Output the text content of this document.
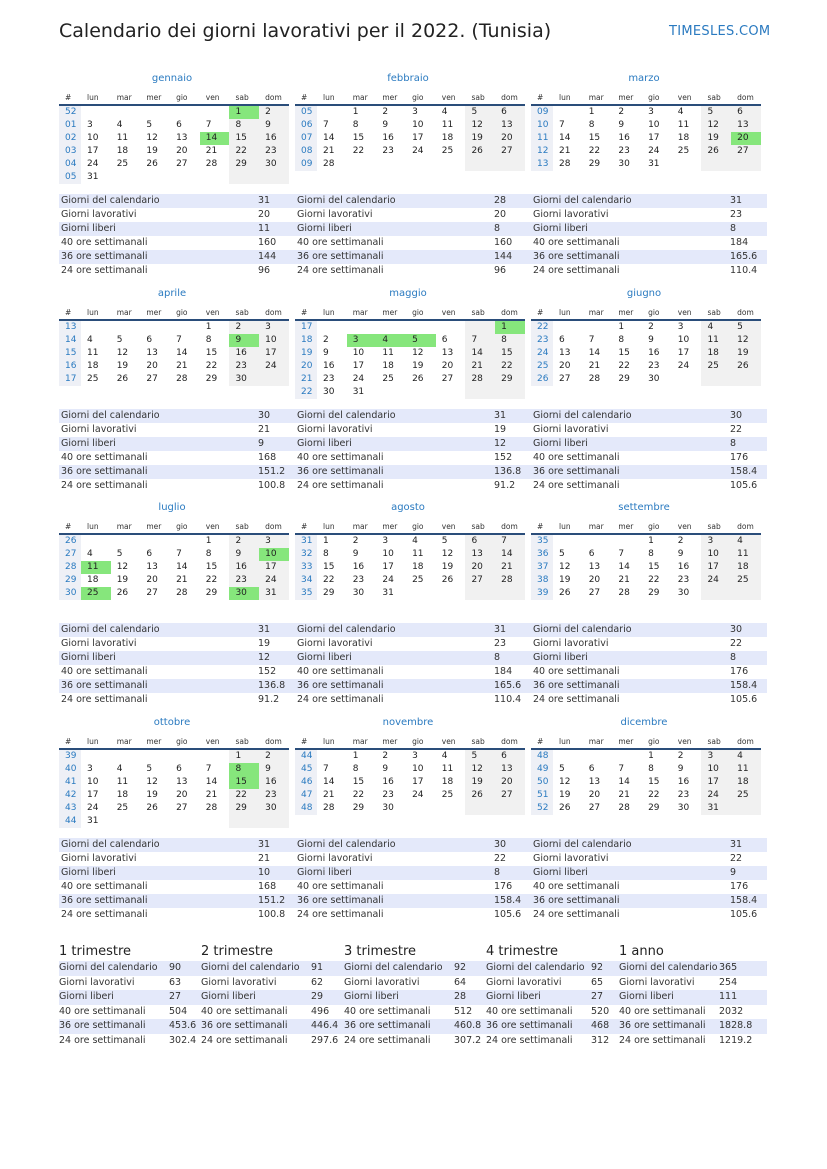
Calendario dei giorni lavorativi per il 2022. (Tunisia)	TIMESLES.COM
gennaio
#	lun	mar	mer	gio	ven	sab	dom
52						1	2
01	3	4	5	6	7	8	9
02	10	11	12	13	14	15	16
03	17	18	19	20	21	22	23
04	24	25	26	27	28	29	30
05	31						
Giorni del calendario	31
Giorni lavorativi	20
Giorni liberi	11
40 ore settimanali	160
36 ore settimanali	144
24 ore settimanali	96
febbraio
#	lun	mar	mer	gio	ven	sab	dom
05		1	2	3	4	5	6
06	7	8	9	10	11	12	13
07	14	15	16	17	18	19	20
08	21	22	23	24	25	26	27
09	28						
Giorni del calendario	28
Giorni lavorativi	20
Giorni liberi	8
40 ore settimanali	160
36 ore settimanali	144
24 ore settimanali	96
marzo
#	lun	mar	mer	gio	ven	sab	dom
09		1	2	3	4	5	6
10	7	8	9	10	11	12	13
11	14	15	16	17	18	19	20
12	21	22	23	24	25	26	27
13	28	29	30	31			
Giorni del calendario	31
Giorni lavorativi	23
Giorni liberi	8
40 ore settimanali	184
36 ore settimanali	165.6
24 ore settimanali	110.4
aprile
#	lun	mar	mer	gio	ven	sab	dom
13					1	2	3
14	4	5	6	7	8	9	10
15	11	12	13	14	15	16	17
16	18	19	20	21	22	23	24
17	25	26	27	28	29	30	
Giorni del calendario	30
Giorni lavorativi	21
Giorni liberi	9
40 ore settimanali	168
36 ore settimanali	151.2
24 ore settimanali	100.8
maggio
#	lun	mar	mer	gio	ven	sab	dom
17							1
18	2	3	4	5	6	7	8
19	9	10	11	12	13	14	15
20	16	17	18	19	20	21	22
21	23	24	25	26	27	28	29
22	30	31					
Giorni del calendario	31
Giorni lavorativi	19
Giorni liberi	12
40 ore settimanali	152
36 ore settimanali	136.8
24 ore settimanali	91.2
giugno
#	lun	mar	mer	gio	ven	sab	dom
22			1	2	3	4	5
23	6	7	8	9	10	11	12
24	13	14	15	16	17	18	19
25	20	21	22	23	24	25	26
26	27	28	29	30			
Giorni del calendario	30
Giorni lavorativi	22
Giorni liberi	8
40 ore settimanali	176
36 ore settimanali	158.4
24 ore settimanali	105.6
luglio
#	lun	mar	mer	gio	ven	sab	dom
26					1	2	3
27	4	5	6	7	8	9	10
28	11	12	13	14	15	16	17
29	18	19	20	21	22	23	24
30	25	26	27	28	29	30	31
Giorni del calendario	31
Giorni lavorativi	19
Giorni liberi	12
40 ore settimanali	152
36 ore settimanali	136.8
24 ore settimanali	91.2
agosto
#	lun	mar	mer	gio	ven	sab	dom
31	1	2	3	4	5	6	7
32	8	9	10	11	12	13	14
33	15	16	17	18	19	20	21
34	22	23	24	25	26	27	28
35	29	30	31				
Giorni del calendario	31
Giorni lavorativi	23
Giorni liberi	8
40 ore settimanali	184
36 ore settimanali	165.6
24 ore settimanali	110.4
settembre
#	lun	mar	mer	gio	ven	sab	dom
35				1	2	3	4
36	5	6	7	8	9	10	11
37	12	13	14	15	16	17	18
38	19	20	21	22	23	24	25
39	26	27	28	29	30		
Giorni del calendario	30
Giorni lavorativi	22
Giorni liberi	8
40 ore settimanali	176
36 ore settimanali	158.4
24 ore settimanali	105.6
ottobre
#	lun	mar	mer	gio	ven	sab	dom
39						1	2
40	3	4	5	6	7	8	9
41	10	11	12	13	14	15	16
42	17	18	19	20	21	22	23
43	24	25	26	27	28	29	30
44	31						
Giorni del calendario	31
Giorni lavorativi	21
Giorni liberi	10
40 ore settimanali	168
36 ore settimanali	151.2
24 ore settimanali	100.8
novembre
#	lun	mar	mer	gio	ven	sab	dom
44		1	2	3	4	5	6
45	7	8	9	10	11	12	13
46	14	15	16	17	18	19	20
47	21	22	23	24	25	26	27
48	28	29	30				
Giorni del calendario	30
Giorni lavorativi	22
Giorni liberi	8
40 ore settimanali	176
36 ore settimanali	158.4
24 ore settimanali	105.6
dicembre
#	lun	mar	mer	gio	ven	sab	dom
48				1	2	3	4
49	5	6	7	8	9	10	11
50	12	13	14	15	16	17	18
51	19	20	21	22	23	24	25
52	26	27	28	29	30	31	
Giorni del calendario	31
Giorni lavorativi	22
Giorni liberi	9
40 ore settimanali	176
36 ore settimanali	158.4
24 ore settimanali	105.6
1 trimestre	2 trimestre	3 trimestre	4 trimestre	1 anno
Giorni del calendario	90 Giorni del calendario	91 Giorni del calendario	92 Giorni del calendario 92 Giorni del calendario 365
Giorni lavorativi	63 Giorni lavorativi	62 Giorni lavorativi	64 Giorni lavorativi	65 Giorni lavorativi	254
Giorni liberi	27 Giorni liberi	29 Giorni liberi	28 Giorni liberi	27 Giorni liberi	111
40 ore settimanali	504 40 ore settimanali	496 40 ore settimanali	512 40 ore settimanali	520 40 ore settimanali	2032
36 ore settimanali	453.6 36 ore settimanali	446.4 36 ore settimanali	460.8 36 ore settimanali	468 36 ore settimanali	1828.8
24 ore settimanali	302.4 24 ore settimanali	297.6 24 ore settimanali	307.2 24 ore settimanali	312 24 ore settimanali	1219.2
